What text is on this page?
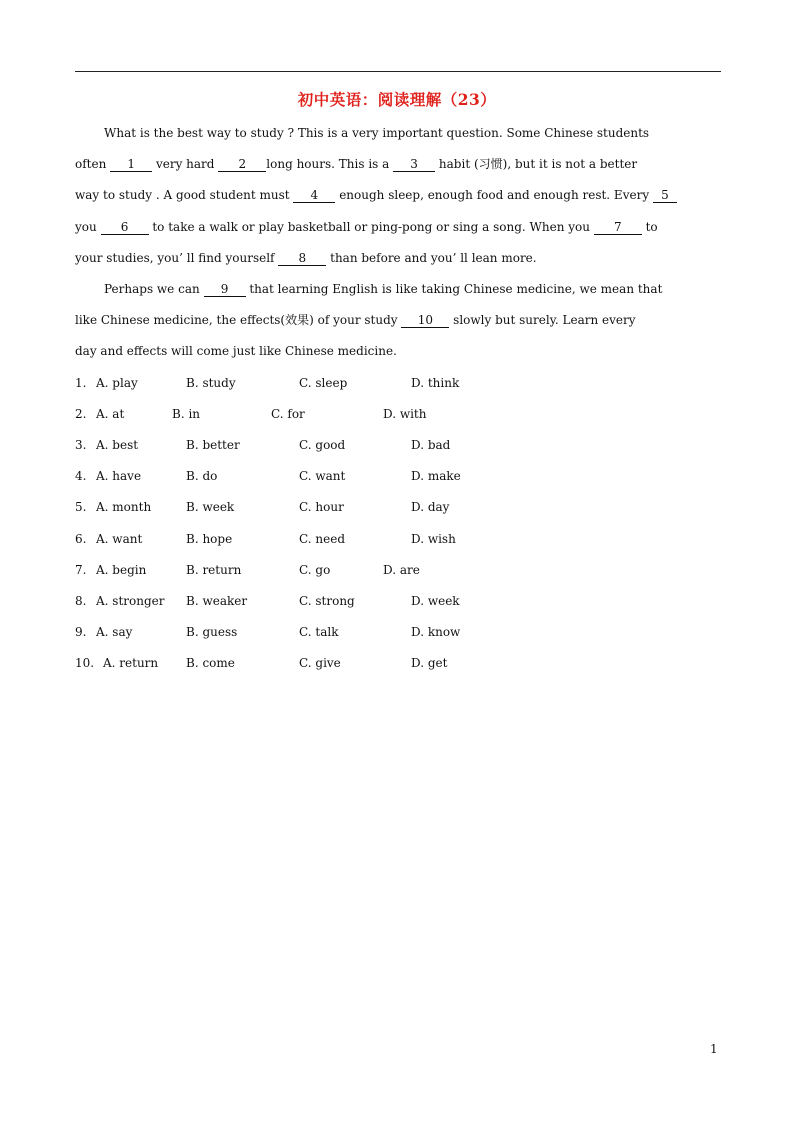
初中英语：阅读理解（23）
What is the best way to study ? This is a very important question. Some Chinese students
often 1 very hard 2 long hours. This is a 3 habit (习惯), but it is not a better
way to study . A good student must 4 enough sleep, enough food and enough rest. Every 5
you 6 to take a walk or play basketball or ping-pong or sing a song. When you 7 to
your studies, you’ ll find yourself 8 than before and you’ ll lean more.
Perhaps we can 9 that learning English is like taking Chinese medicine, we mean that
like Chinese medicine, the effects(效果) of your study 10 slowly but surely. Learn every
day and effects will come just like Chinese medicine.
1. A. play	B. study	C. sleep	D. think
2. A. at	B. in	C. for	D. with
3. A. best	B. better	C. good	D. bad
4. A. have	B. do	C. want	D. make
5. A. month	B. week	C. hour	D. day
6. A. want	B. hope	C. need	D. wish
7. A. begin	B. return	C. go	D. are
8. A. stronger B. weaker	C. strong	D. week
9. A. say	B. guess	C. talk	D. know
10. A. return B. come	C. give	D. get
1
